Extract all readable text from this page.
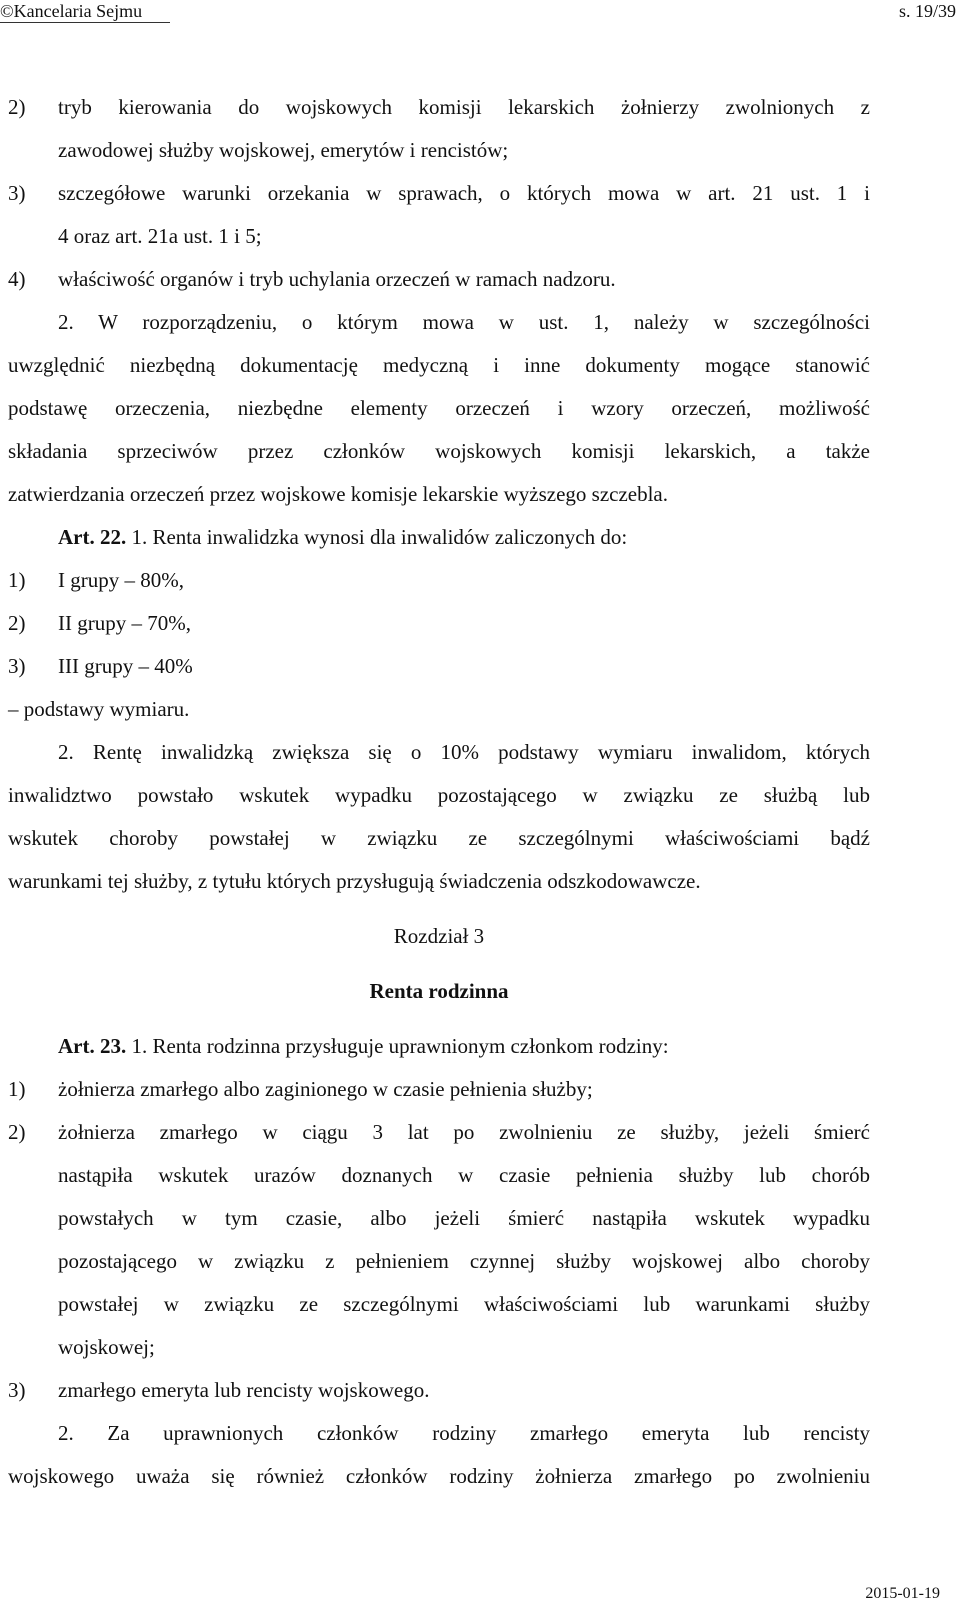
©Kancelaria Sejmu	s. 19/39
2) tryb kierowania do wojskowych komisji lekarskich żołnierzy zwolnionych z
zawodowej służby wojskowej, emerytów i rencistów;
3) szczegółowe warunki orzekania w sprawach, o których mowa w art. 21 ust. 1 i
4 oraz art. 21a ust. 1 i 5;
4) właściwość organów i tryb uchylania orzeczeń w ramach nadzoru.
2. W rozporządzeniu, o którym mowa w ust. 1, należy w szczególności
uwzględnić niezbędną dokumentację medyczną i inne dokumenty mogące stanowić
podstawę orzeczenia, niezbędne elementy orzeczeń i wzory orzeczeń, możliwość
składania sprzeciwów przez członków wojskowych komisji lekarskich, a także
zatwierdzania orzeczeń przez wojskowe komisje lekarskie wyższego szczebla.
Art. 22. 1. Renta inwalidzka wynosi dla inwalidów zaliczonych do:
1) I grupy – 80%,
2) II grupy – 70%,
3) III grupy – 40%
– podstawy wymiaru.
2. Rentę inwalidzką zwiększa się o 10% podstawy wymiaru inwalidom, których
inwalidztwo powstało wskutek wypadku pozostającego w związku ze służbą lub
wskutek choroby powstałej w związku ze szczególnymi właściwościami bądź
warunkami tej służby, z tytułu których przysługują świadczenia odszkodowawcze.
Rozdział 3
Renta rodzinna
Art. 23. 1. Renta rodzinna przysługuje uprawnionym członkom rodziny:
1) żołnierza zmarłego albo zaginionego w czasie pełnienia służby;
2) żołnierza zmarłego w ciągu 3 lat po zwolnieniu ze służby, jeżeli śmierć
nastąpiła wskutek urazów doznanych w czasie pełnienia służby lub chorób
powstałych w tym czasie, albo jeżeli śmierć nastąpiła wskutek wypadku
pozostającego w związku z pełnieniem czynnej służby wojskowej albo choroby
powstałej w związku ze szczególnymi właściwościami lub warunkami służby
wojskowej;
3) zmarłego emeryta lub rencisty wojskowego.
2. Za uprawnionych członków rodziny zmarłego emeryta lub rencisty
wojskowego uważa się również członków rodziny żołnierza zmarłego po zwolnieniu
2015-01-19
